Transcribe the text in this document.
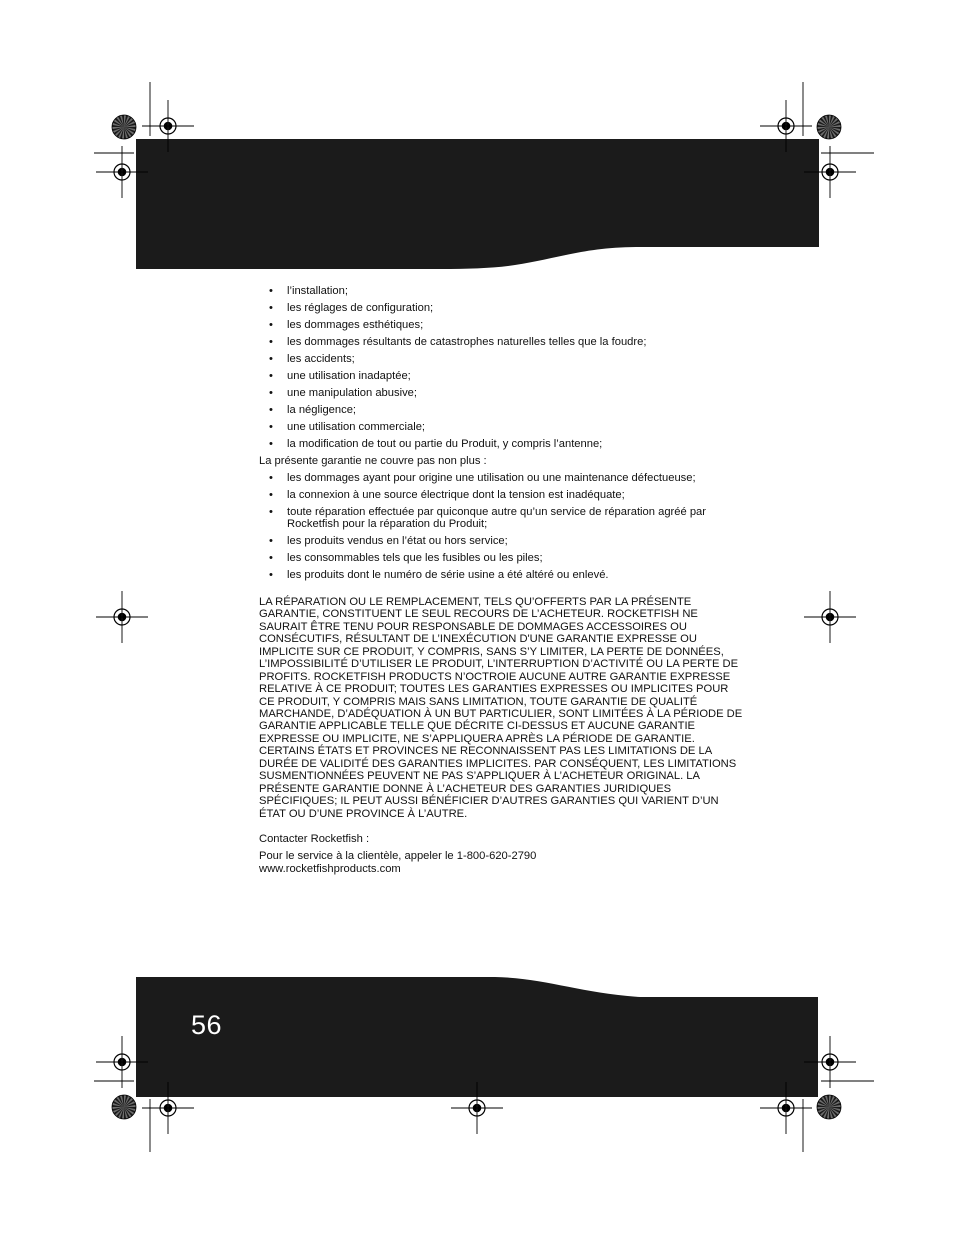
• l’installation;
• les réglages de configuration;
• les dommages esthétiques;
• les dommages résultants de catastrophes naturelles telles que la foudre;
• les accidents;
• une utilisation inadaptée;
• une manipulation abusive;
• la négligence;
• une utilisation commerciale;
• la modification de tout ou partie du Produit, y compris l’antenne;

La présente garantie ne couvre pas non plus :

• les dommages ayant pour origine une utilisation ou une maintenance défectueuse;
• la connexion à une source électrique dont la tension est inadéquate;
• toute réparation effectuée par quiconque autre qu’un service de réparation agréé par Rocketfish pour la réparation du Produit;
• les produits vendus en l’état ou hors service;
• les consommables tels que les fusibles ou les piles;
• les produits dont le numéro de série usine a été altéré ou enlevé.

LA RÉPARATION OU LE REMPLACEMENT, TELS QU’OFFERTS PAR LA PRÉSENTE GARANTIE, CONSTITUENT LE SEUL RECOURS DE L’ACHETEUR. ROCKETFISH NE SAURAIT ÊTRE TENU POUR RESPONSABLE DE DOMMAGES ACCESSOIRES OU CONSÉCUTIFS, RÉSULTANT DE L’INEXÉCUTION D'UNE GARANTIE EXPRESSE OU IMPLICITE SUR CE PRODUIT, Y COMPRIS, SANS S’Y LIMITER, LA PERTE DE DONNÉES, L’IMPOSSIBILITÉ D’UTILISER LE PRODUIT, L’INTERRUPTION D’ACTIVITÉ OU LA PERTE DE PROFITS. ROCKETFISH PRODUCTS N’OCTROIE AUCUNE AUTRE GARANTIE EXPRESSE RELATIVE À CE PRODUIT; TOUTES LES GARANTIES EXPRESSES OU IMPLICITES POUR CE PRODUIT, Y COMPRIS MAIS SANS LIMITATION, TOUTE GARANTIE DE QUALITÉ MARCHANDE, D’ADÉQUATION À UN BUT PARTICULIER, SONT LIMITÉES À LA PÉRIODE DE GARANTIE APPLICABLE TELLE QUE DÉCRITE CI-DESSUS ET AUCUNE GARANTIE EXPRESSE OU IMPLICITE, NE S’APPLIQUERA APRÈS LA PÉRIODE DE GARANTIE. CERTAINS ÉTATS ET PROVINCES NE RECONNAISSENT PAS LES LIMITATIONS DE LA DURÉE DE VALIDITÉ DES GARANTIES IMPLICITES. PAR CONSÉQUENT, LES LIMITATIONS SUSMENTIONNÉES PEUVENT NE PAS S’APPLIQUER À L’ACHETEUR ORIGINAL. LA PRÉSENTE GARANTIE DONNE À L’ACHETEUR DES GARANTIES JURIDIQUES SPÉCIFIQUES; IL PEUT AUSSI BÉNÉFICIER D’AUTRES GARANTIES QUI VARIENT D’UN ÉTAT OU D’UNE PROVINCE À L’AUTRE.

Contacter Rocketfish :

Pour le service à la clientèle, appeler le 1-800-620-2790

www.rocketfishproducts.com

56
